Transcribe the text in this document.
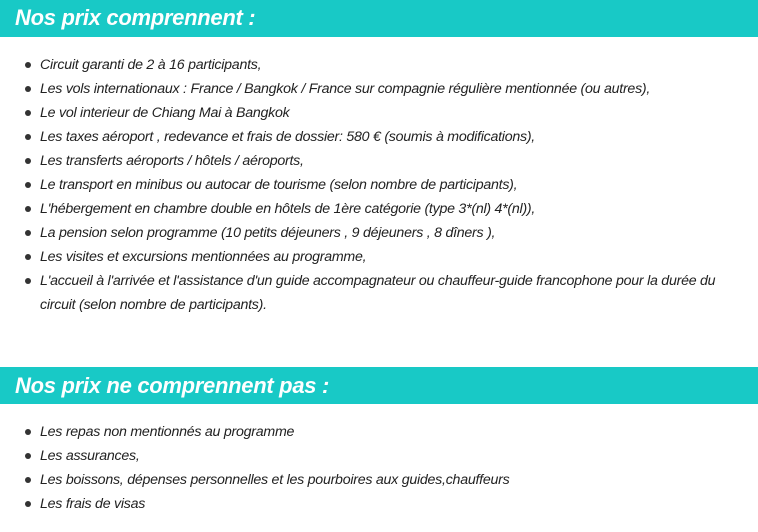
Nos prix comprennent :
Circuit garanti de 2 à 16 participants,
Les vols internationaux : France / Bangkok / France sur compagnie régulière mentionnée (ou autres),
Le vol interieur de Chiang Mai à Bangkok
Les taxes aéroport , redevance et frais de dossier: 580 € (soumis à modifications),
Les transferts aéroports / hôtels / aéroports,
Le transport en minibus ou autocar de tourisme (selon nombre de participants),
L'hébergement en chambre double en hôtels de 1ère catégorie (type 3*(nl) 4*(nl)),
La pension selon programme (10 petits déjeuners , 9 déjeuners , 8 dîners ),
Les visites et excursions mentionnées au programme,
L'accueil à l'arrivée et l'assistance d'un guide accompagnateur ou chauffeur-guide francophone pour la durée du circuit (selon nombre de participants).
Nos prix ne comprennent pas :
Les repas non mentionnés au programme
Les assurances,
Les boissons, dépenses personnelles et les pourboires aux guides,chauffeurs
Les frais de visas
